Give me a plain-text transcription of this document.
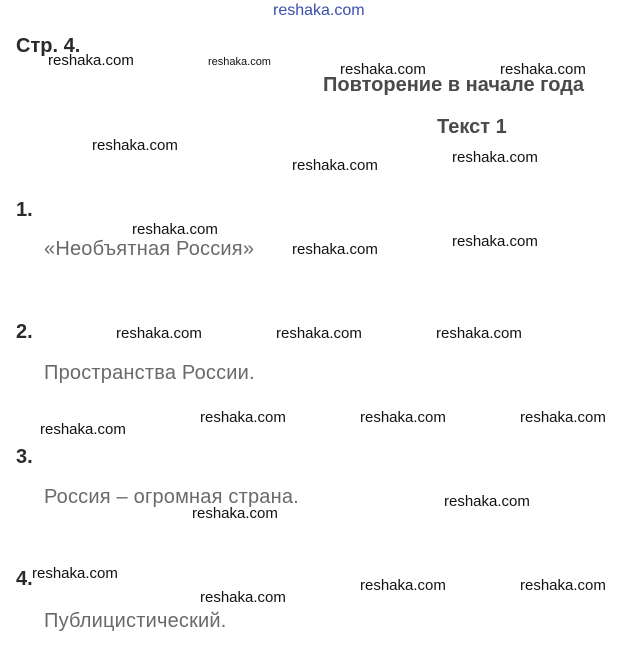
reshaka.com
Стр. 4.
Повторение в начале года
Текст 1
1.
«Необъятная Россия»
2.
Пространства России.
3.
Россия – огромная страна.
4.
Публицистический.
reshaka.com	reshaka.com	reshaka.com	reshaka.com
reshaka.com
reshaka.com	reshaka.com
reshaka.com
reshaka.com	reshaka.com
reshaka.com	reshaka.com	reshaka.com
reshaka.com	reshaka.com	reshaka.com
reshaka.com
reshaka.com
reshaka.com
reshaka.com
reshaka.com	reshaka.com
reshaka.com
